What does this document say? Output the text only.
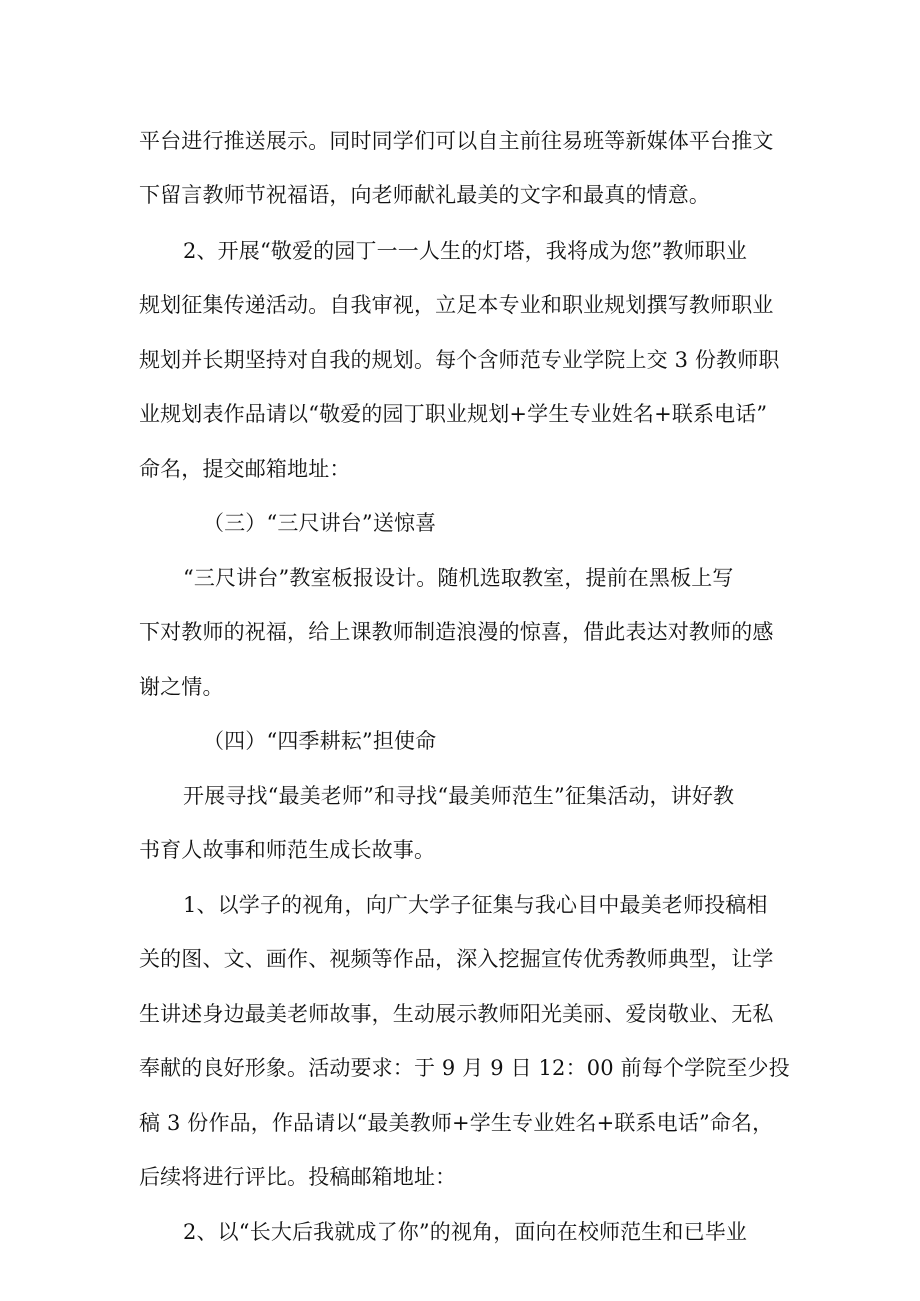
平台进行推送展示。同时同学们可以自主前往易班等新媒体平台推文
下留言教师节祝福语，向老师献礼最美的文字和最真的情意。
2、开展“敬爱的园丁一一人生的灯塔，我将成为您”教师职业
规划征集传递活动。自我审视，立足本专业和职业规划撰写教师职业
规划并长期坚持对自我的规划。每个含师范专业学院上交 3 份教师职
业规划表作品请以“敬爱的园丁职业规划+学生专业姓名+联系电话”
命名，提交邮箱地址：
（三）“三尺讲台”送惊喜
“三尺讲台”教室板报设计。随机选取教室，提前在黑板上写
下对教师的祝福，给上课教师制造浪漫的惊喜，借此表达对教师的感
谢之情。
（四）“四季耕耘”担使命
开展寻找“最美老师”和寻找“最美师范生”征集活动，讲好教
书育人故事和师范生成长故事。
1、以学子的视角，向广大学子征集与我心目中最美老师投稿相
关的图、文、画作、视频等作品，深入挖掘宣传优秀教师典型，让学
生讲述身边最美老师故事，生动展示教师阳光美丽、爱岗敬业、无私
奉献的良好形象。活动要求：于 9 月 9 日 12：00 前每个学院至少投
稿 3 份作品，作品请以“最美教师+学生专业姓名+联系电话”命名，
后续将进行评比。投稿邮箱地址：
2、以“长大后我就成了你”的视角，面向在校师范生和已毕业
